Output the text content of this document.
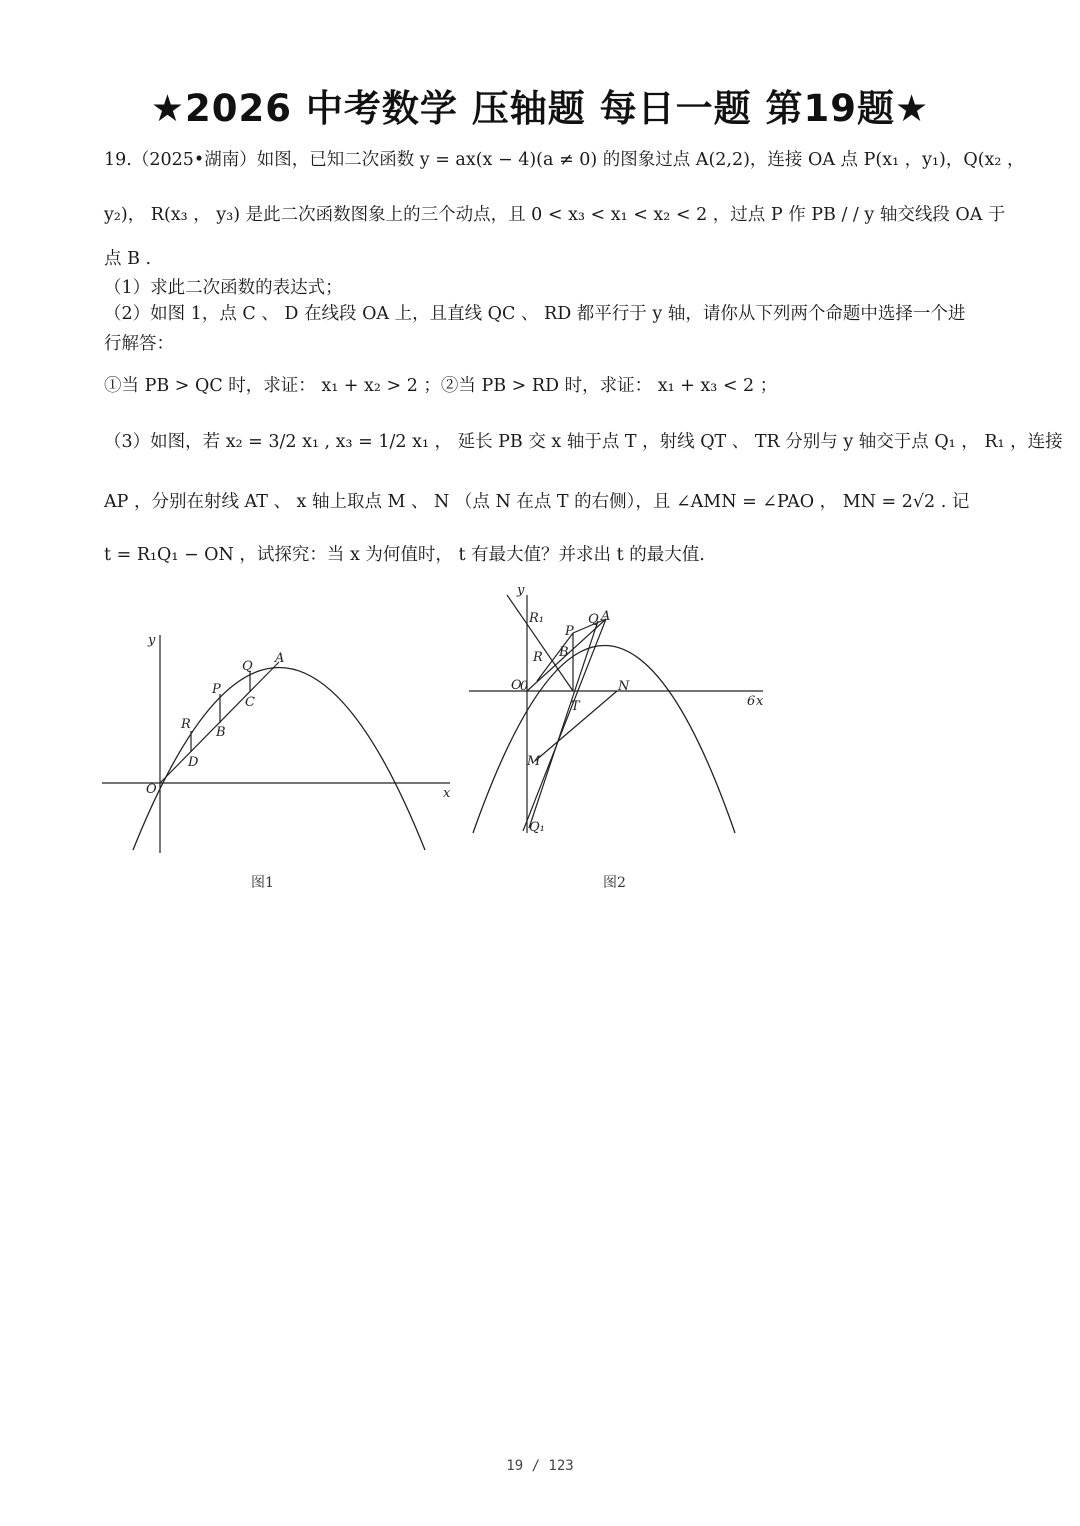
★2026 中考数学 压轴题 每日一题 第19题★
19.（2025•湖南）如图，已知二次函数 y = ax(x − 4)(a ≠ 0) 的图象过点 A(2,2)，连接 OA 点 P(x₁ ，y₁)，Q(x₂ ，
y₂)， R(x₃ ， y₃) 是此二次函数图象上的三个动点，且 0 < x₃ < x₁ < x₂ < 2 ，过点 P 作 PB / / y 轴交线段 OA 于
点 B .
（1）求此二次函数的表达式；
（2）如图 1，点 C 、 D 在线段 OA 上，且直线 QC 、 RD 都平行于 y 轴，请你从下列两个命题中选择一个进
行解答：
①当 PB > QC 时，求证： x₁ + x₂ > 2 ；②当 PB > RD 时，求证： x₁ + x₃ < 2 ；
（3）如图，若 x₂ = 3/2 x₁ , x₃ = 1/2 x₁ ， 延长 PB 交 x 轴于点 T ，射线 QT 、 TR 分别与 y 轴交于点 Q₁ ， R₁ ，连接
AP ，分别在射线 AT 、 x 轴上取点 M 、 N （点 N 在点 T 的右侧），且 ∠AMN = ∠PAO ， MN = 2√2 . 记
t = R₁Q₁ − ON ，试探究：当 x 为何值时， t 有最大值？并求出 t 的最大值.
y
x
O
A
Q
C
P
B
R
D
图1
y
6 x
O
0
R₁
P
Q A
R B
T
N
M
Q₁
图2
19 / 123
